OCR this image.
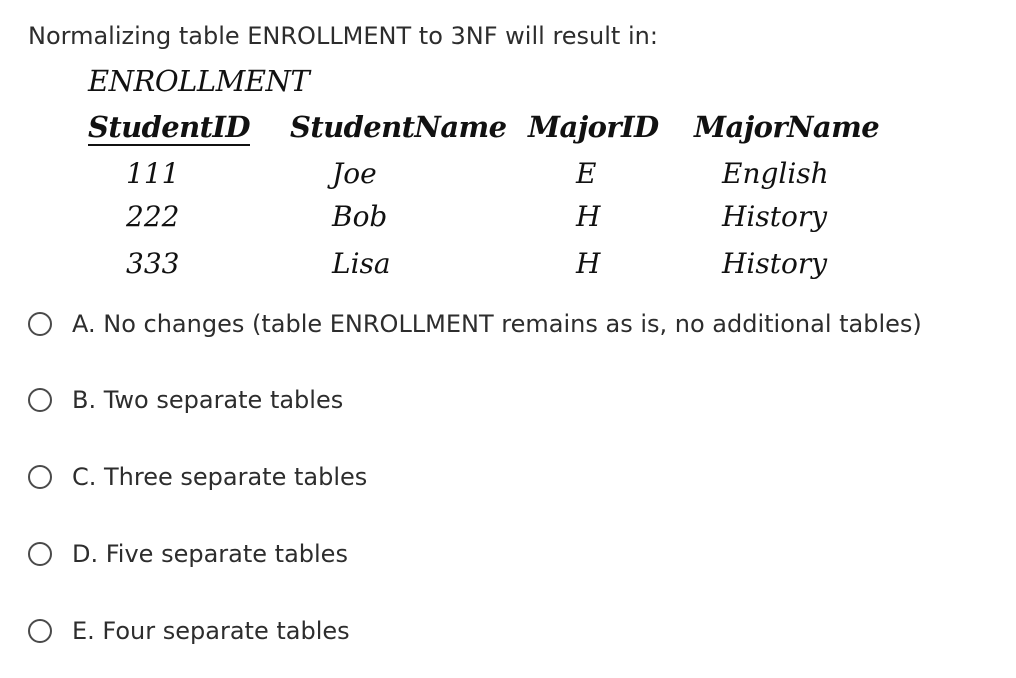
Normalizing table ENROLLMENT to 3NF will result in:
ENROLLMENT
StudentID StudentName MajorID MajorName
111	Joe	E	English
222	Bob	H	History
333	Lisa	H	History
A. No changes (table ENROLLMENT remains as is, no additional tables)
B. Two separate tables
C. Three separate tables
D. Five separate tables
E. Four separate tables
